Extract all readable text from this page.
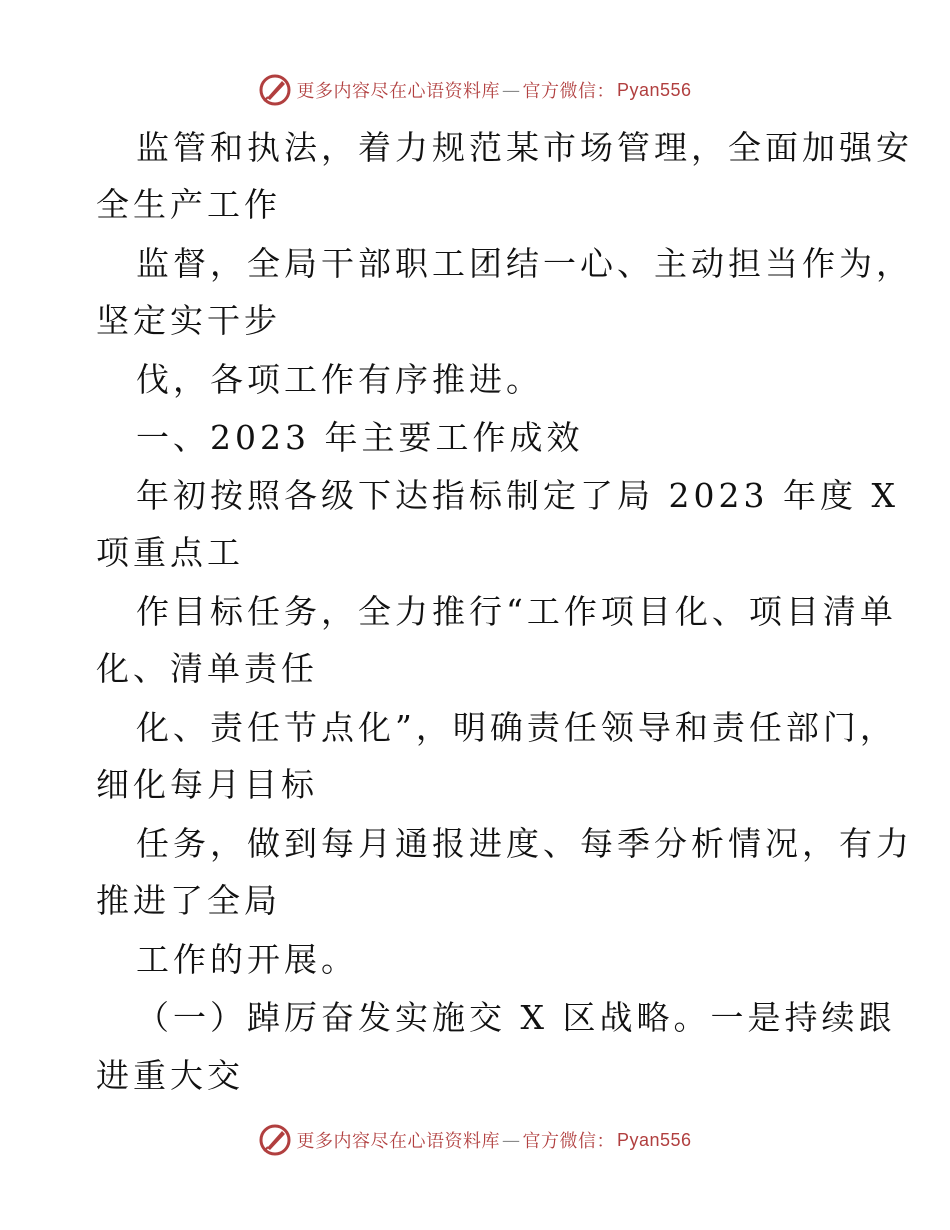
更多内容尽在心语资料库 — 官方微信： Pyan556
监管和执法，着力规范某市场管理，全面加强安
全生产工作
监督，全局干部职工团结一心、主动担当作为，
坚定实干步
伐，各项工作有序推进。
一、2023 年主要工作成效
年初按照各级下达指标制定了局 2023 年度 X
项重点工
作目标任务，全力推行“工作项目化、项目清单
化、清单责任
化、责任节点化”，明确责任领导和责任部门，
细化每月目标
任务，做到每月通报进度、每季分析情况，有力
推进了全局
工作的开展。
（一）踔厉奋发实施交 X 区战略。一是持续跟
进重大交
更多内容尽在心语资料库 — 官方微信： Pyan556
